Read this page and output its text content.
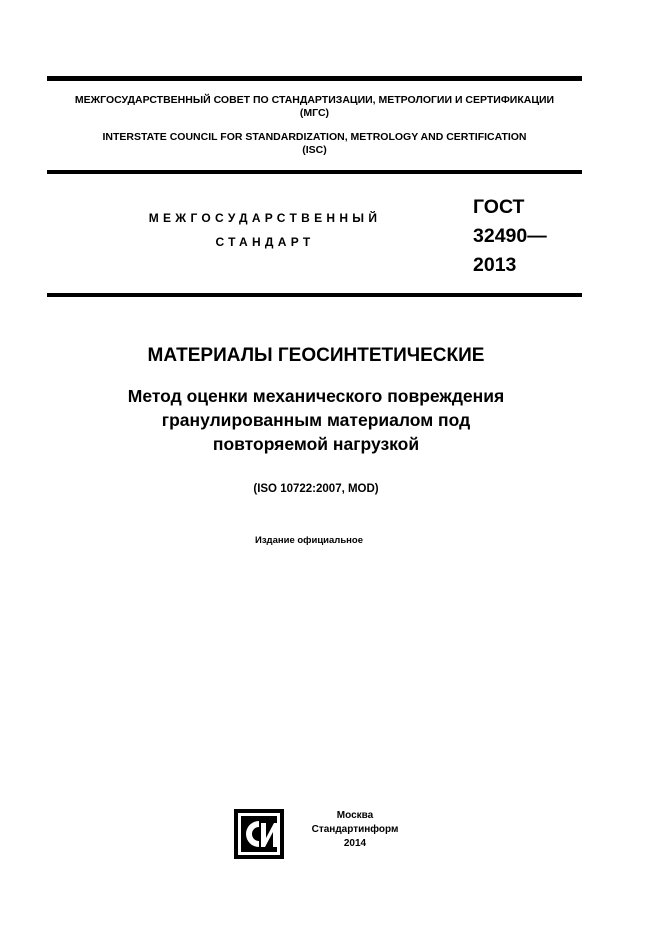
МЕЖГОСУДАРСТВЕННЫЙ СОВЕТ ПО СТАНДАРТИЗАЦИИ, МЕТРОЛОГИИ И СЕРТИФИКАЦИИ
(МГС)
INTERSTATE COUNCIL FOR STANDARDIZATION, METROLOGY AND CERTIFICATION
(ISC)
МЕЖГОСУДАРСТВЕННЫЙ
СТАНДАРТ
ГОСТ
32490—
2013
МАТЕРИАЛЫ ГЕОСИНТЕТИЧЕСКИЕ
Метод оценки механического повреждения
гранулированным материалом под
повторяемой нагрузкой
(ISO 10722:2007, MOD)
Издание официальное
Москва
Стандартинформ
2014
